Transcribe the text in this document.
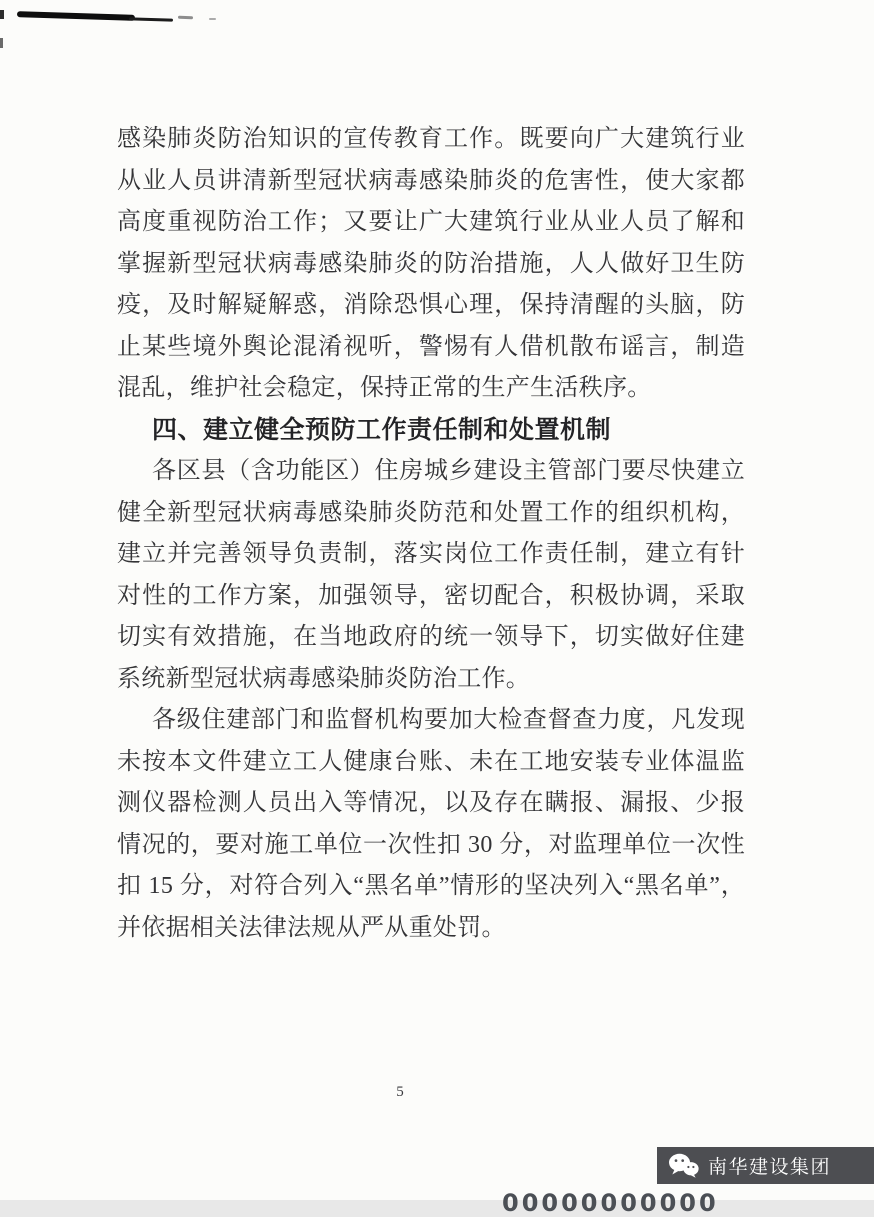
感染肺炎防治知识的宣传教育工作。既要向广大建筑行业从业人员讲清新型冠状病毒感染肺炎的危害性，使大家都高度重视防治工作；又要让广大建筑行业从业人员了解和掌握新型冠状病毒感染肺炎的防治措施，人人做好卫生防疫，及时解疑解惑，消除恐惧心理，保持清醒的头脑，防止某些境外舆论混淆视听，警惕有人借机散布谣言，制造混乱，维护社会稳定，保持正常的生产生活秩序。

四、建立健全预防工作责任制和处置机制

各区县（含功能区）住房城乡建设主管部门要尽快建立健全新型冠状病毒感染肺炎防范和处置工作的组织机构，建立并完善领导负责制，落实岗位工作责任制，建立有针对性的工作方案，加强领导，密切配合，积极协调，采取切实有效措施，在当地政府的统一领导下，切实做好住建系统新型冠状病毒感染肺炎防治工作。

各级住建部门和监督机构要加大检查督查力度，凡发现未按本文件建立工人健康台账、未在工地安装专业体温监测仪器检测人员出入等情况，以及存在瞒报、漏报、少报情况的，要对施工单位一次性扣 30 分，对监理单位一次性扣 15 分，对符合列入“黑名单”情形的坚决列入“黑名单”，并依据相关法律法规从严从重处罚。

5
南华建设集团
00000000000
